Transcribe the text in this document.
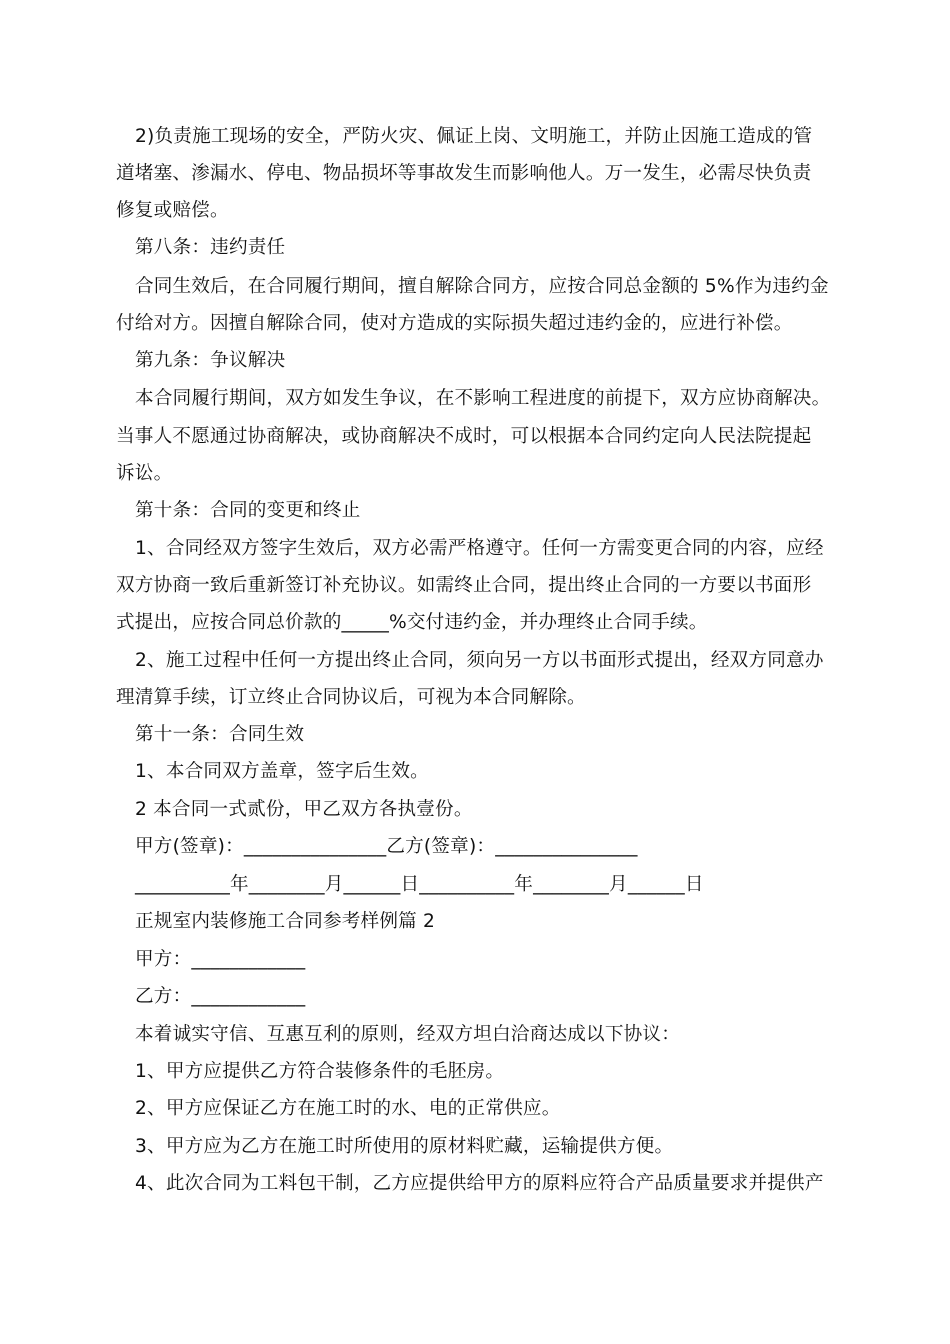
2)负责施工现场的安全，严防火灾、佩证上岗、文明施工，并防止因施工造成的管
道堵塞、渗漏水、停电、物品损坏等事故发生而影响他人。万一发生，必需尽快负责
修复或赔偿。
第八条：违约责任
合同生效后，在合同履行期间，擅自解除合同方，应按合同总金额的 5%作为违约金
付给对方。因擅自解除合同，使对方造成的实际损失超过违约金的，应进行补偿。
第九条：争议解决
本合同履行期间，双方如发生争议，在不影响工程进度的前提下，双方应协商解决。
当事人不愿通过协商解决，或协商解决不成时，可以根据本合同约定向人民法院提起
诉讼。
第十条：合同的变更和终止
1、合同经双方签字生效后，双方必需严格遵守。任何一方需变更合同的内容，应经
双方协商一致后重新签订补充协议。如需终止合同，提出终止合同的一方要以书面形
式提出，应按合同总价款的_____%交付违约金，并办理终止合同手续。
2、施工过程中任何一方提出终止合同，须向另一方以书面形式提出，经双方同意办
理清算手续，订立终止合同协议后，可视为本合同解除。
第十一条：合同生效
1、本合同双方盖章，签字后生效。
2 本合同一式贰份，甲乙双方各执壹份。
甲方(签章)：_______________乙方(签章)：_______________
__________年________月______日__________年________月______日
正规室内装修施工合同参考样例篇 2
甲方：____________
乙方：____________
本着诚实守信、互惠互利的原则，经双方坦白洽商达成以下协议：
1、甲方应提供乙方符合装修条件的毛胚房。
2、甲方应保证乙方在施工时的水、电的正常供应。
3、甲方应为乙方在施工时所使用的原材料贮藏，运输提供方便。
4、此次合同为工料包干制，乙方应提供给甲方的原料应符合产品质量要求并提供产
